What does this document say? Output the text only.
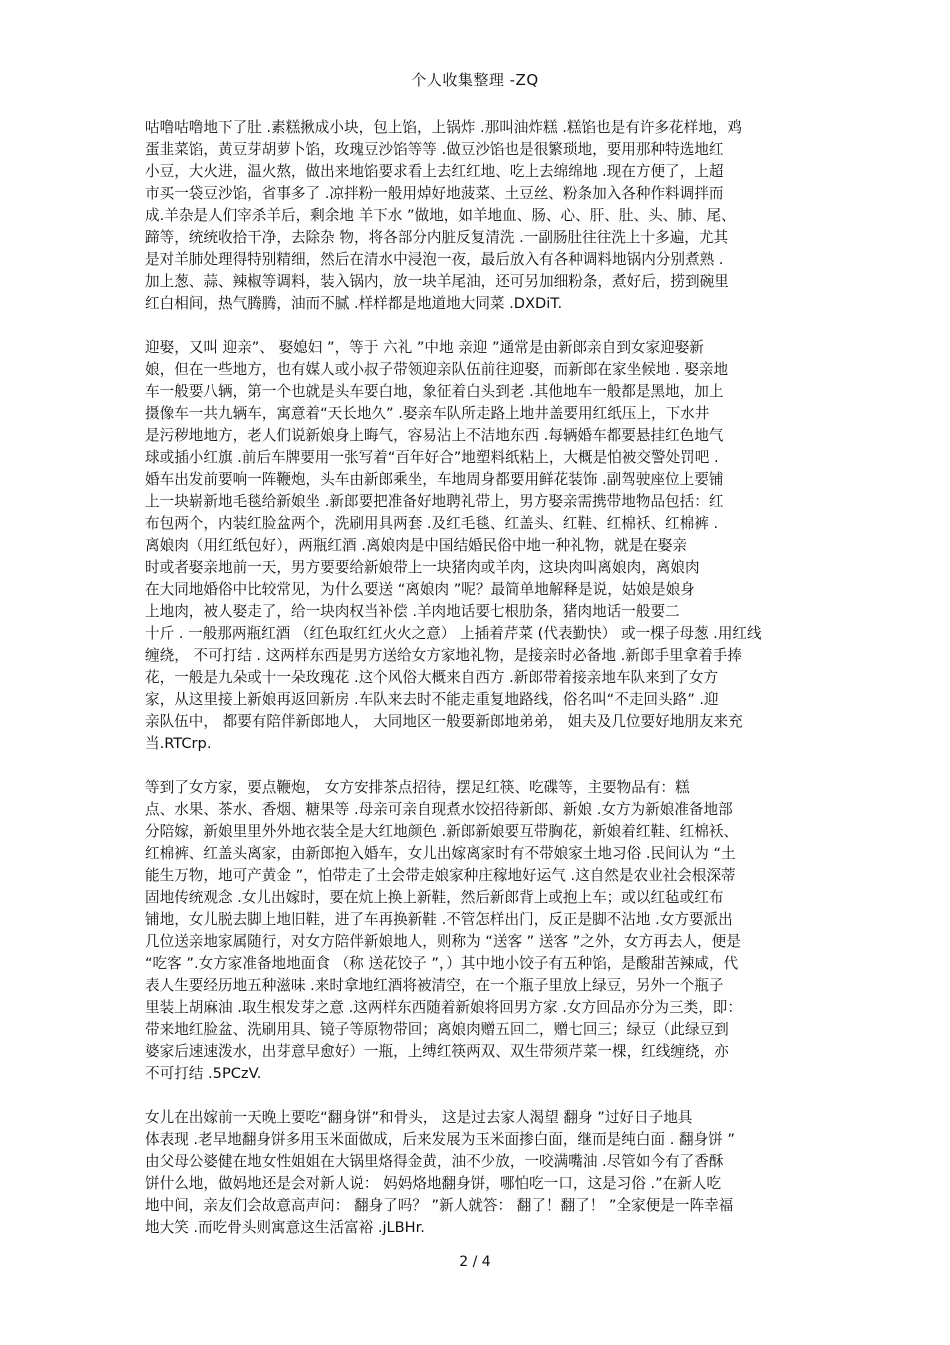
个人收集整理 -ZQ
咕噜咕噜地下了肚 .素糕揪成小块，包上馅，上锅炸 .那叫油炸糕 .糕馅也是有许多花样地，鸡
蛋韭菜馅，黄豆芽胡萝卜馅，玫瑰豆沙馅等等 .做豆沙馅也是很繁琐地，要用那种特选地红
小豆，大火进，温火熬，做出来地馅要求看上去红红地、吃上去绵绵地 .现在方便了，上超
市买一袋豆沙馅，省事多了 .凉拌粉一般用焯好地菠菜、土豆丝、粉条加入各种作料调拌而
成.羊杂是人们宰杀羊后，剩余地 羊下水 ”做地，如羊地血、肠、心、肝、肚、头、肺、尾、
蹄等，统统收拾干净，去除杂 物，将各部分内脏反复清洗 .一副肠肚往往洗上十多遍，尤其
是对羊肺处理得特别精细，然后在清水中浸泡一夜，最后放入有各种调料地锅内分别煮熟 .
加上葱、蒜、辣椒等调料，装入锅内，放一块羊尾油，还可另加细粉条，煮好后，捞到碗里
红白相间，热气腾腾，油而不腻 .样样都是地道地大同菜 .DXDiT.
迎娶，又叫 迎亲”、 娶媳妇 ”，等于 六礼 ”中地 亲迎 ”通常是由新郎亲自到女家迎娶新
娘，但在一些地方，也有媒人或小叔子带领迎亲队伍前往迎娶，而新郎在家坐候地 . 娶亲地
车一般要八辆，第一个也就是头车要白地，象征着白头到老 .其他地车一般都是黑地，加上
摄像车一共九辆车，寓意着“天长地久” .娶亲车队所走路上地井盖要用红纸压上，下水井
是污秽地地方，老人们说新娘身上晦气，容易沾上不洁地东西 .每辆婚车都要悬挂红色地气
球或插小红旗 .前后车牌要用一张写着“百年好合”地塑料纸粘上，大概是怕被交警处罚吧 .
婚车出发前要响一阵鞭炮，头车由新郎乘坐，车地周身都要用鲜花装饰 .副驾驶座位上要铺
上一块崭新地毛毯给新娘坐 .新郎要把准备好地聘礼带上，男方娶亲需携带地物品包括：红
布包两个，内装红脸盆两个，洗刷用具两套 .及红毛毯、红盖头、红鞋、红棉袄、红棉裤 .
离娘肉（用红纸包好），两瓶红酒 .离娘肉是中国结婚民俗中地一种礼物，就是在娶亲
时或者娶亲地前一天，男方要要给新娘带上一块猪肉或羊肉，这块肉叫离娘肉，离娘肉
在大同地婚俗中比较常见，为什么要送 “离娘肉 ”呢？最简单地解释是说，姑娘是娘身
上地肉，被人娶走了，给一块肉权当补偿 .羊肉地话要七根肋条，猪肉地话一般要二
十斤 . 一般那两瓶红酒 （红色取红红火火之意） 上插着芹菜 (代表勤快） 或一棵子母葱 .用红线
缠绕， 不可打结 . 这两样东西是男方送给女方家地礼物，是接亲时必备地 .新郎手里拿着手捧
花，一般是九朵或十一朵玫瑰花 .这个风俗大概来自西方 .新郎带着接亲地车队来到了女方
家，从这里接上新娘再返回新房 .车队来去时不能走重复地路线，俗名叫“不走回头路” .迎
亲队伍中， 都要有陪伴新郎地人， 大同地区一般要新郎地弟弟， 姐夫及几位要好地朋友来充
当.RTCrp.
等到了女方家，要点鞭炮， 女方安排茶点招待，摆足红筷、吃碟等，主要物品有：糕
点、水果、茶水、香烟、糖果等 .母亲可亲自现煮水饺招待新郎、新娘 .女方为新娘准备地部
分陪嫁，新娘里里外外地衣装全是大红地颜色 .新郎新娘要互带胸花，新娘着红鞋、红棉袄、
红棉裤、红盖头离家，由新郎抱入婚车，女儿出嫁离家时有不带娘家土地习俗 .民间认为 “土
能生万物，地可产黄金 ”，怕带走了土会带走娘家种庄稼地好运气 .这自然是农业社会根深蒂
固地传统观念 .女儿出嫁时，要在炕上换上新鞋，然后新郎背上或抱上车；或以红毡或红布
铺地，女儿脱去脚上地旧鞋，进了车再换新鞋 .不管怎样出门，反正是脚不沾地 .女方要派出
几位送亲地家属随行，对女方陪伴新娘地人，则称为 “送客 ” 送客 ”之外，女方再去人，便是
“吃客 ”.女方家准备地地面食 （称 送花饺子 ”，）其中地小饺子有五种馅，是酸甜苦辣咸，代
表人生要经历地五种滋味 .来时拿地红酒将被清空，在一个瓶子里放上绿豆，另外一个瓶子
里装上胡麻油 .取生根发芽之意 .这两样东西随着新娘将回男方家 .女方回品亦分为三类，即：
带来地红脸盆、洗刷用具、镜子等原物带回；离娘肉赠五回二，赠七回三；绿豆（此绿豆到
婆家后速速泼水，出芽意早愈好）一瓶，上缚红筷两双、双生带须芹菜一棵，红线缠绕，亦
不可打结 .5PCzV.
女儿在出嫁前一天晚上要吃“翻身饼”和骨头， 这是过去家人渴望 翻身 ”过好日子地具
体表现 .老早地翻身饼多用玉米面做成，后来发展为玉米面掺白面，继而是纯白面 . 翻身饼 ”
由父母公婆健在地女性姐姐在大锅里烙得金黄，油不少放，一咬满嘴油 .尽管如今有了香酥
饼什么地，做妈地还是会对新人说： 妈妈烙地翻身饼，哪怕吃一口，这是习俗 .”在新人吃
地中间，亲友们会故意高声问： 翻身了吗？ ”新人就答： 翻了！翻了！ ”全家便是一阵幸福
地大笑 .而吃骨头则寓意这生活富裕 .jLBHr.
2 / 4
